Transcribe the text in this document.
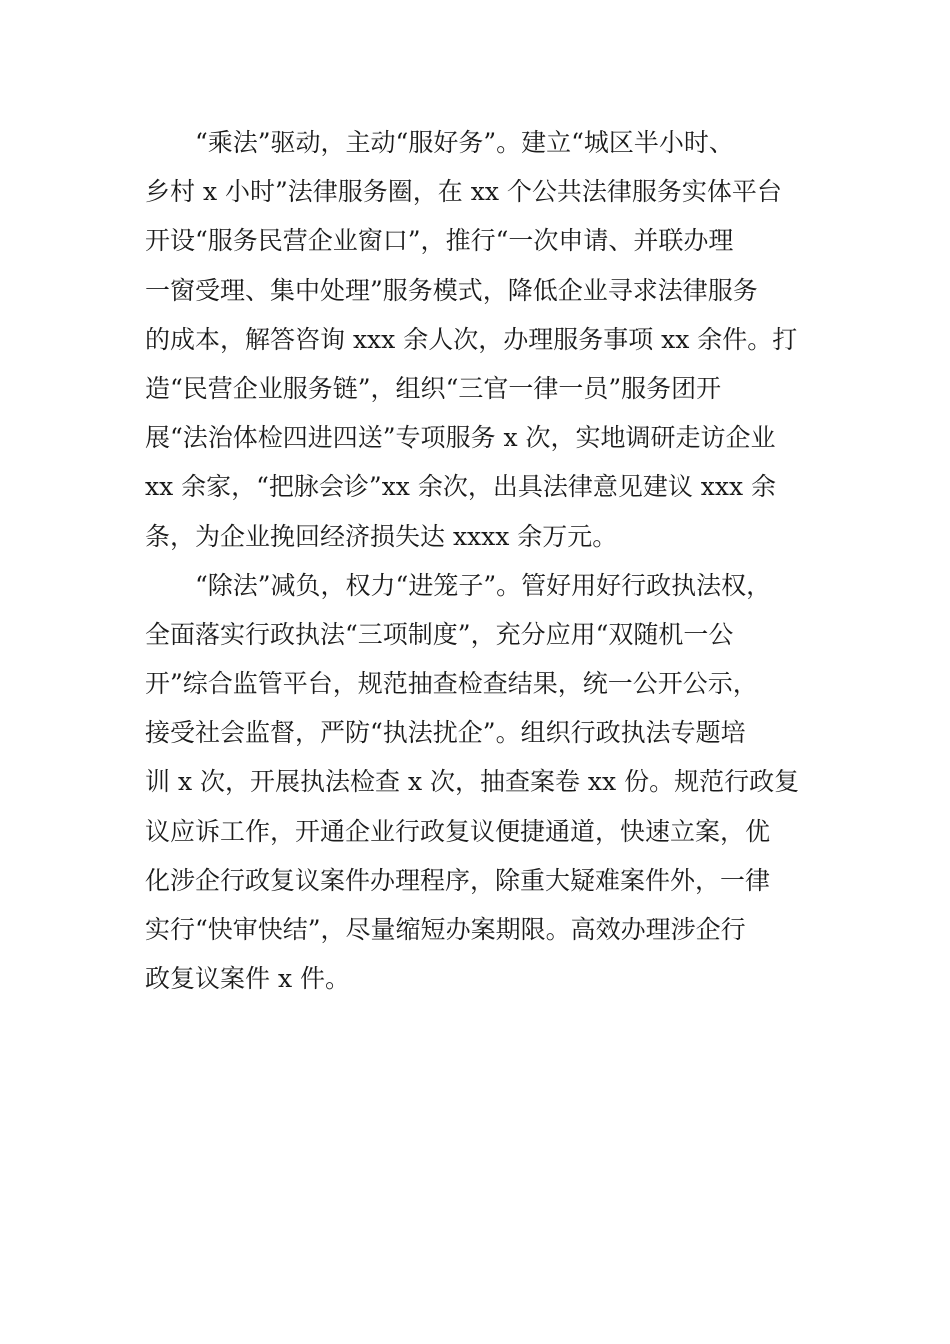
“乘法”驱动，主动“服好务”。建立“城区半小时、
乡村 x 小时”法律服务圈，在 xx 个公共法律服务实体平台
开设“服务民营企业窗口”，推行“一次申请、并联办理
一窗受理、集中处理”服务模式，降低企业寻求法律服务
的成本，解答咨询 xxx 余人次，办理服务事项 xx 余件。打
造“民营企业服务链”，组织“三官一律一员”服务团开
展“法治体检四进四送”专项服务 x 次，实地调研走访企业
xx 余家，“把脉会诊”xx 余次，出具法律意见建议 xxx 余
条，为企业挽回经济损失达 xxxx 余万元。
“除法”减负，权力“进笼子”。管好用好行政执法权，
全面落实行政执法“三项制度”，充分应用“双随机一公
开”综合监管平台，规范抽查检查结果，统一公开公示，
接受社会监督，严防“执法扰企”。组织行政执法专题培
训 x 次，开展执法检查 x 次，抽查案卷 xx 份。规范行政复
议应诉工作，开通企业行政复议便捷通道，快速立案，优
化涉企行政复议案件办理程序，除重大疑难案件外，一律
实行“快审快结”，尽量缩短办案期限。高效办理涉企行
政复议案件 x 件。
